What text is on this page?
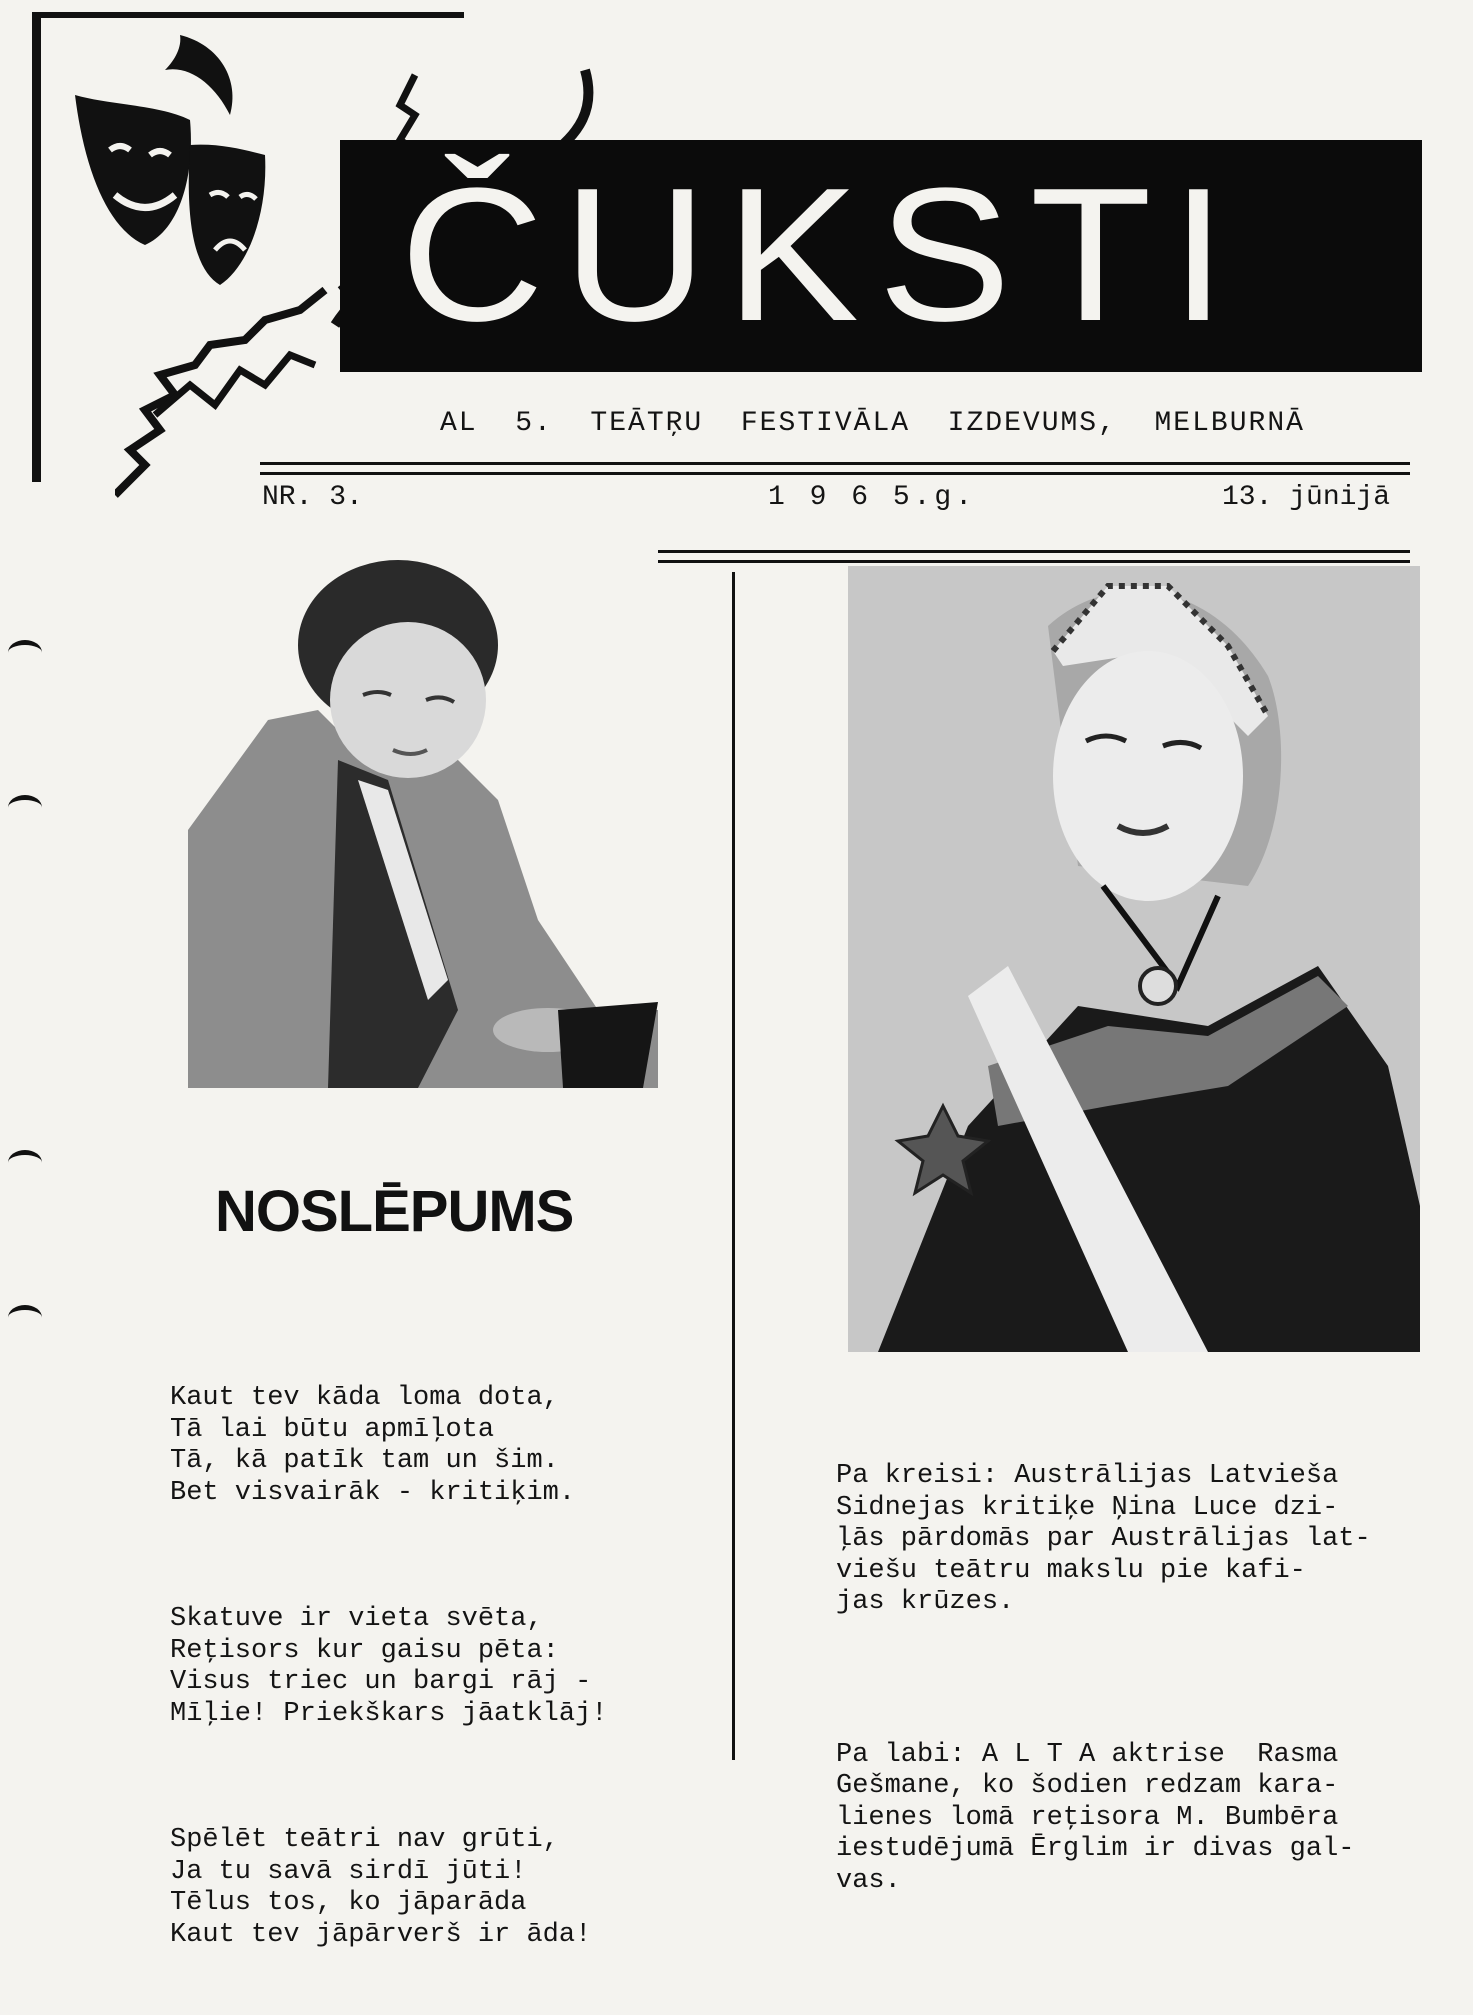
ČUKSTI
AL  5.  TEĀTŖU  FESTIVĀLA  IZDEVUMS,  MELBURNĀ
NR. 3.	1 9 6 5.g.	13. jūnijā
NOSLĒPUMS

Kaut tev kāda loma dota,
Tā lai būtu apmīļota
Tā, kā patīk tam un šim.
Bet visvairāk - kritiķim.

Skatuve ir vieta svēta,
Reţisors kur gaisu pēta:
Visus triec un bargi rāj -
Mīļie! Priekškars jāatklāj!

Spēlēt teātri nav grūti,
Ja tu savā sirdī jūti!
Tēlus tos, ko jāparāda
Kaut tev jāpārverš ir āda!

Pa kreisi: Austrālijas Latvieša
Sidnejas kritiķe Ņina Luce dzi-
ļās pārdomās par Austrālijas lat-
viešu teātru makslu pie kafi-
jas krūzes.

Pa labi: A L T A aktrise  Rasma
Gešmane, ko šodien redzam kara-
lienes lomā reţisora M. Bumbēra
iestudējumā Ērglim ir divas gal-
vas.
